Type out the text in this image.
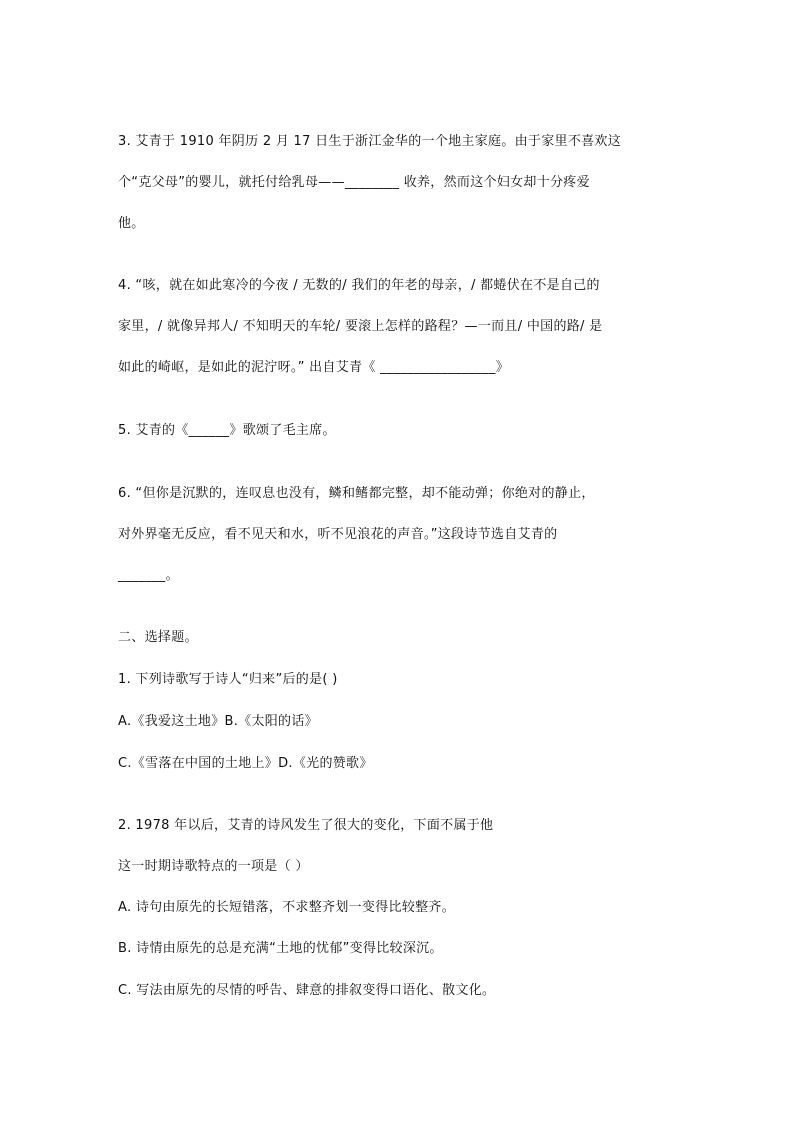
3. 艾青于 1910 年阴历 2 月 17 日生于浙江金华的一个地主家庭。由于家里不喜欢这
个“克父母”的婴儿，就托付给乳母——________ 收养，然而这个妇女却十分疼爱
他。
4. “咳，就在如此寒冷的今夜 / 无数的/ 我们的年老的母亲，/ 都蜷伏在不是自己的
家里，/ 就像异邦人/ 不知明天的车轮/ 要滚上怎样的路程？—一而且/ 中国的路/ 是
如此的崎岖，是如此的泥泞呀。” 出自艾青《 _________________》
5. 艾青的《______》歌颂了毛主席。
6. “但你是沉默的，连叹息也没有，鳞和鳍都完整，却不能动弹；你绝对的静止，
对外界毫无反应，看不见天和水，听不见浪花的声音。”这段诗节选自艾青的
_______。
二、选择题。
1. 下列诗歌写于诗人“归来”后的是( )
A.《我爱这土地》B.《太阳的话》
C.《雪落在中国的土地上》D.《光的赞歌》
2. 1978 年以后，艾青的诗风发生了很大的变化，下面不属于他
这一时期诗歌特点的一项是（ ）
A. 诗句由原先的长短错落，不求整齐划一变得比较整齐。
B. 诗情由原先的总是充满“土地的忧郁”变得比较深沉。
C. 写法由原先的尽情的呼告、肆意的排叙变得口语化、散文化。
